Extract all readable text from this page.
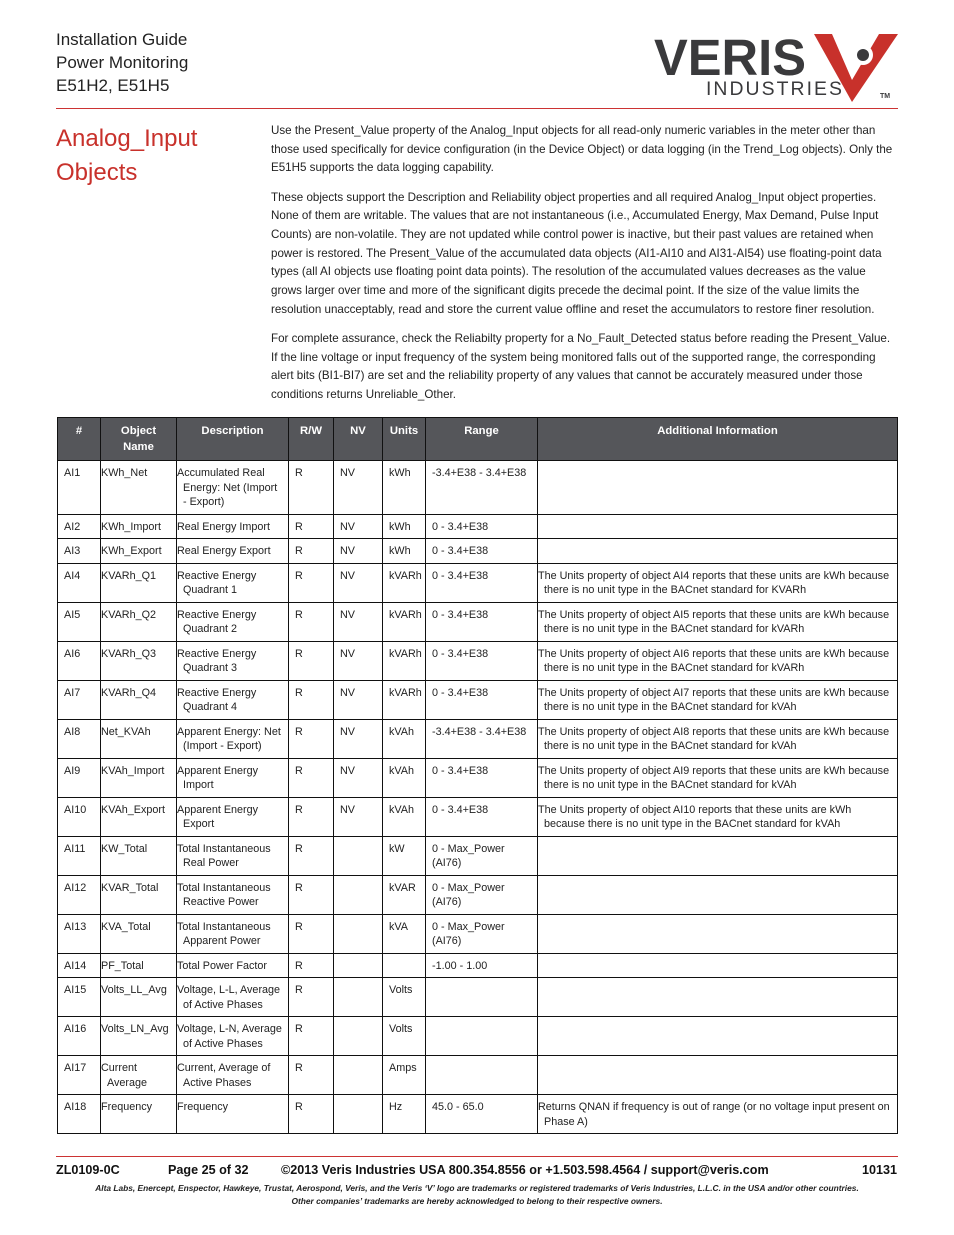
Installation Guide
Power Monitoring
E51H2, E51H5	VERIS
INDUSTRIES	TM
Analog_Input
Objects

Use the Present_Value property of the Analog_Input objects for all read-only numeric variables in the meter other than those used specifically for device configuration (in the Device Object) or data logging (in the Trend_Log objects). Only the E51H5 supports the data logging capability.

These objects support the Description and Reliability object properties and all required Analog_Input object properties. None of them are writable. The values that are not instantaneous (i.e., Accumulated Energy, Max Demand, Pulse Input Counts) are non-volatile. They are not updated while control power is inactive, but their past values are retained when power is restored. The Present_Value of the accumulated data objects (AI1-AI10 and AI31-AI54) use floating-point data types (all AI objects use floating point data points). The resolution of the accumulated values decreases as the value grows larger over time and more of the significant digits precede the decimal point. If the size of the value limits the resolution unacceptably, read and store the current value offline and reset the accumulators to restore finer resolution.

For complete assurance, check the Reliabilty property for a No_Fault_Detected status before reading the Present_Value. If the line voltage or input frequency of the system being monitored falls out of the supported range, the corresponding alert bits (BI1-BI7) are set and the reliability property of any values that cannot be accurately measured under those conditions returns Unreliable_Other.

#	Object Name	Description	R/W	NV	Units	Range	Additional Information
AI1	KWh_Net	Accumulated Real Energy: Net (Import - Export)	R	NV	kWh	-3.4+E38 - 3.4+E38	
AI2	KWh_Import	Real Energy Import	R	NV	kWh	0 - 3.4+E38	
AI3	KWh_Export	Real Energy Export	R	NV	kWh	0 - 3.4+E38	
AI4	KVARh_Q1	Reactive Energy Quadrant 1	R	NV	kVARh	0 - 3.4+E38	The Units property of object AI4 reports that these units are kWh because there is no unit type in the BACnet standard for KVARh
AI5	KVARh_Q2	Reactive Energy Quadrant 2	R	NV	kVARh	0 - 3.4+E38	The Units property of object AI5 reports that these units are kWh because there is no unit type in the BACnet standard for kVARh
AI6	KVARh_Q3	Reactive Energy Quadrant 3	R	NV	kVARh	0 - 3.4+E38	The Units property of object AI6 reports that these units are kWh because there is no unit type in the BACnet standard for kVARh
AI7	KVARh_Q4	Reactive Energy Quadrant 4	R	NV	kVARh	0 - 3.4+E38	The Units property of object AI7 reports that these units are kWh because there is no unit type in the BACnet standard for kVAh
AI8	Net_KVAh	Apparent Energy: Net (Import - Export)	R	NV	kVAh	-3.4+E38 - 3.4+E38	The Units property of object AI8 reports that these units are kWh because there is no unit type in the BACnet standard for kVAh
AI9	KVAh_Import	Apparent Energy Import	R	NV	kVAh	0 - 3.4+E38	The Units property of object AI9 reports that these units are kWh because there is no unit type in the BACnet standard for kVAh
AI10	KVAh_Export	Apparent Energy Export	R	NV	kVAh	0 - 3.4+E38	The Units property of object AI10 reports that these units are kWh because there is no unit type in the BACnet standard for kVAh
AI11	KW_Total	Total Instantaneous Real Power	R		kW	0 - Max_Power (AI76)	
AI12	KVAR_Total	Total Instantaneous Reactive Power	R		kVAR	0 - Max_Power (AI76)	
AI13	KVA_Total	Total Instantaneous Apparent Power	R		kVA	0 - Max_Power (AI76)	
AI14	PF_Total	Total Power Factor	R			-1.00 - 1.00	
AI15	Volts_LL_Avg	Voltage, L-L, Average of Active Phases	R		Volts		
AI16	Volts_LN_Avg	Voltage, L-N, Average of Active Phases	R		Volts		
AI17	Current Average	Current, Average of Active Phases	R		Amps		
AI18	Frequency	Frequency	R		Hz	45.0 - 65.0	Returns QNAN if frequency is out of range (or no voltage input present on Phase A)
ZL0109-0C	Page 25 of 32	©2013 Veris Industries USA 800.354.8556 or +1.503.598.4564 / support@veris.com	10131
Alta Labs, Enercept, Enspector, Hawkeye, Trustat, Aerospond, Veris, and the Veris ‘V’ logo are trademarks or registered trademarks of Veris Industries, L.L.C. in the USA and/or other countries.
Other companies’ trademarks are hereby acknowledged to belong to their respective owners.
